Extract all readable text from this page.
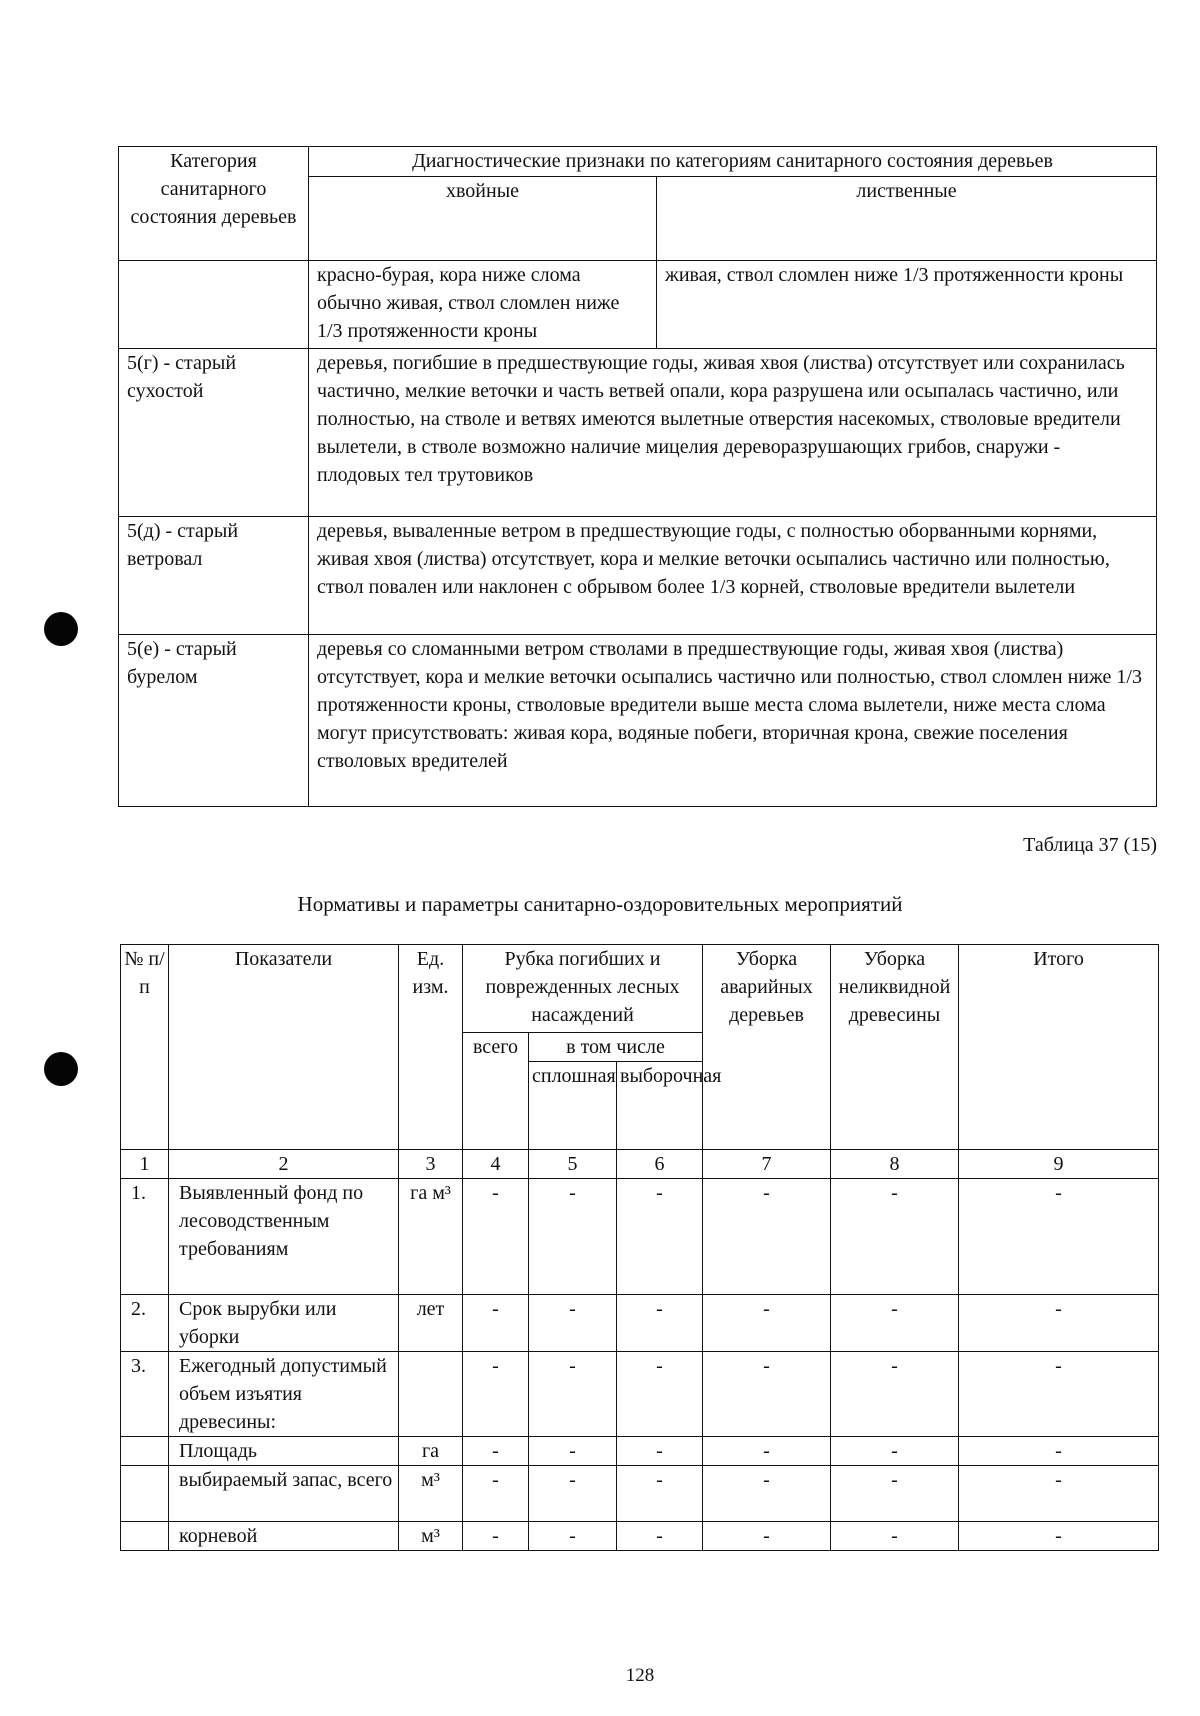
Категория санитарного состояния деревьев	Диагностические признаки по категориям санитарного состояния деревьев	
	хвойные	лиственные
	красно-бурая, кора ниже слома обычно живая, ствол сломлен ниже 1/3 протяженности кроны	живая, ствол сломлен ниже 1/3 протяженности кроны
5(г) - старый сухостой	деревья, погибшие в предшествующие годы, живая хвоя (листва) отсутствует или сохранилась частично, мелкие веточки и часть ветвей опали, кора разрушена или осыпалась частично, или полностью, на стволе и ветвях имеются вылетные отверстия насекомых, стволовые вредители вылетели, в стволе возможно наличие мицелия дереворазрушающих грибов, снаружи - плодовых тел трутовиков	
5(д) - старый ветровал	деревья, вываленные ветром в предшествующие годы, с полностью оборванными корнями, живая хвоя (листва) отсутствует, кора и мелкие веточки осыпались частично или полностью, ствол повален или наклонен с обрывом более 1/3 корней, стволовые вредители вылетели	
5(е) - старый бурелом	деревья со сломанными ветром стволами в предшествующие годы, живая хвоя (листва) отсутствует, кора и мелкие веточки осыпались частично или полностью, ствол сломлен ниже 1/3 протяженности кроны, стволовые вредители выше места слома вылетели, ниже места слома могут присутствовать: живая кора, водяные побеги, вторичная крона, свежие поселения стволовых вредителей	
Таблица 37 (15)
Нормативы и параметры санитарно-оздоровительных мероприятий
№ п/п	Показатели	Ед. изм.	Рубка погибших и поврежденных лесных насаждений			Уборка аварийных деревьев	Уборка неликвидной древесины	Итого
			всего	в том числе				
				сплошная	выборочная			
1	2	3	4	5	6	7	8	9
1.	Выявленный фонд по лесоводственным требованиям	га м³	-	-	-	-	-	-
2.	Срок вырубки или уборки	лет	-	-	-	-	-	-
3.	Ежегодный допустимый объем изъятия древесины:		-	-	-	-	-	-
	Площадь	га	-	-	-	-	-	-
	выбираемый запас, всего	м³	-	-	-	-	-	-
	корневой	м³	-	-	-	-	-	-
128
